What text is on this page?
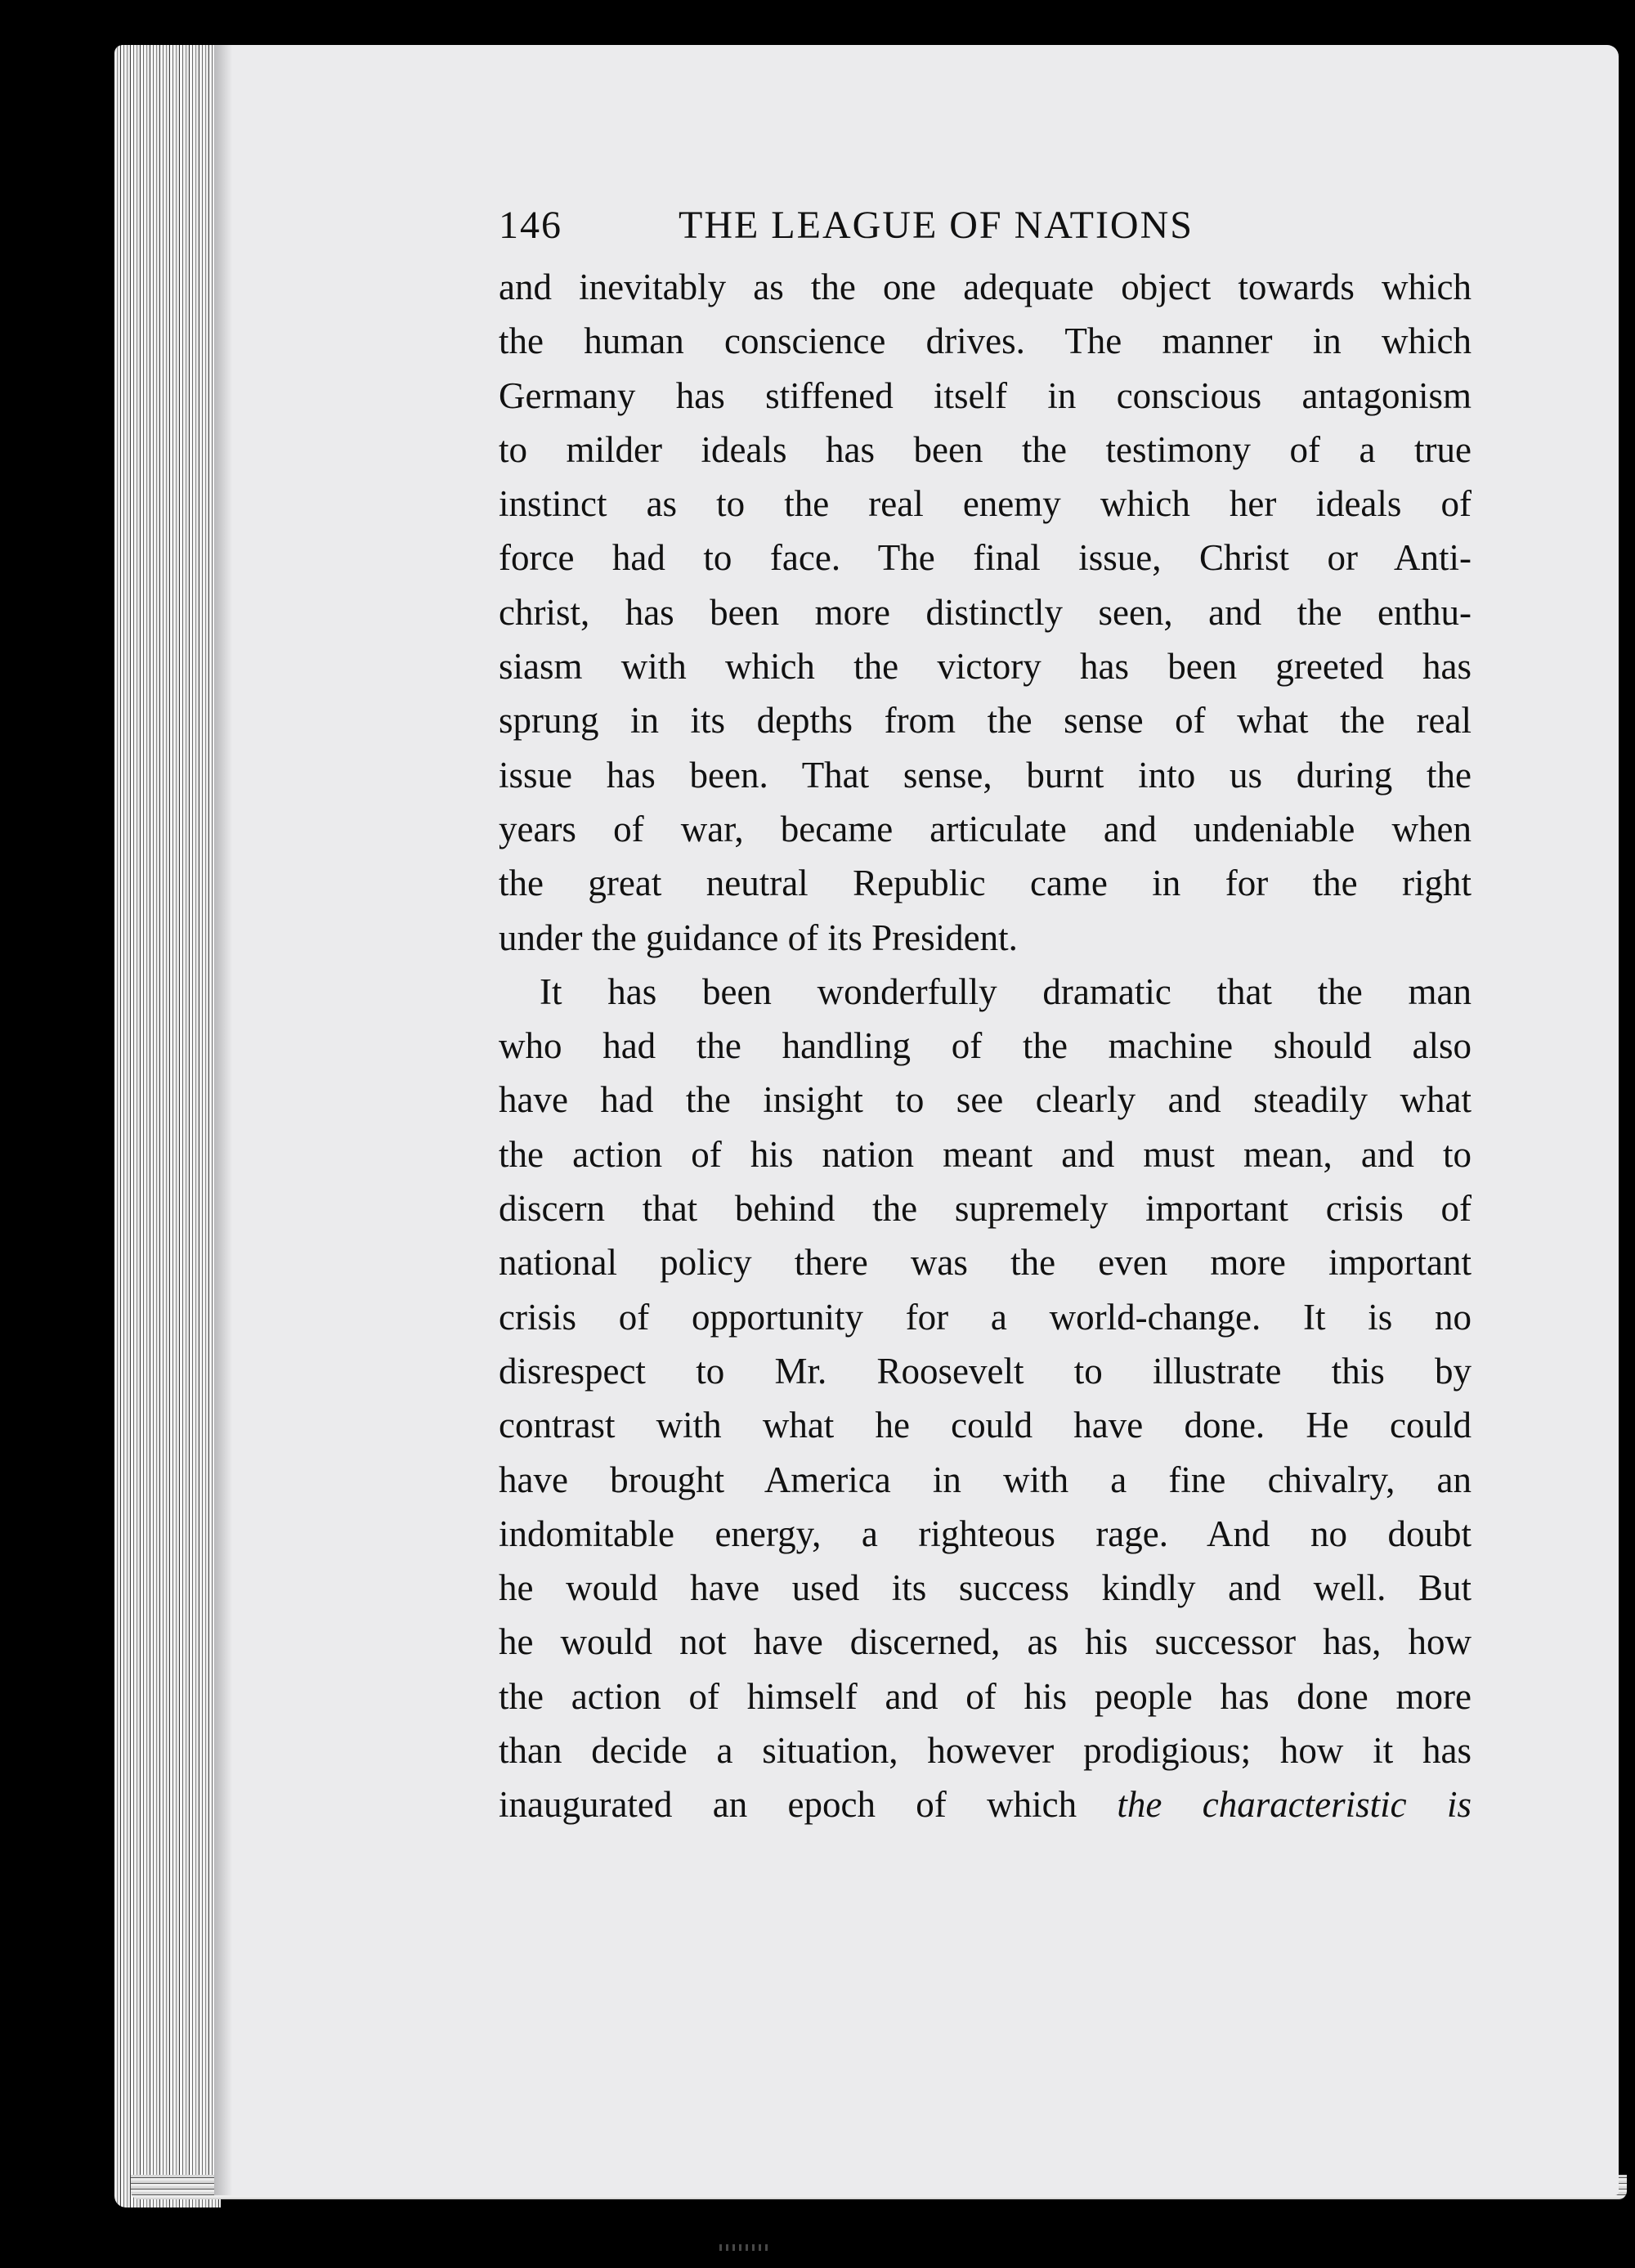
146	THE LEAGUE OF NATIONS
and inevitably as the one adequate object towards which
the human conscience drives. The manner in which
Germany has stiffened itself in conscious antagonism
to milder ideals has been the testimony of a true
instinct as to the real enemy which her ideals of
force had to face. The final issue, Christ or Anti-
christ, has been more distinctly seen, and the enthu-
siasm with which the victory has been greeted has
sprung in its depths from the sense of what the real
issue has been. That sense, burnt into us during the
years of war, became articulate and undeniable when
the great neutral Republic came in for the right
under the guidance of its President.
It has been wonderfully dramatic that the man
who had the handling of the machine should also
have had the insight to see clearly and steadily what
the action of his nation meant and must mean, and to
discern that behind the supremely important crisis of
national policy there was the even more important
crisis of opportunity for a world-change. It is no
disrespect to Mr. Roosevelt to illustrate this by
contrast with what he could have done. He could
have brought America in with a fine chivalry, an
indomitable energy, a righteous rage. And no doubt
he would have used its success kindly and well. But
he would not have discerned, as his successor has, how
the action of himself and of his people has done more
than decide a situation, however prodigious; how it has
inaugurated an epoch of which the characteristic is
